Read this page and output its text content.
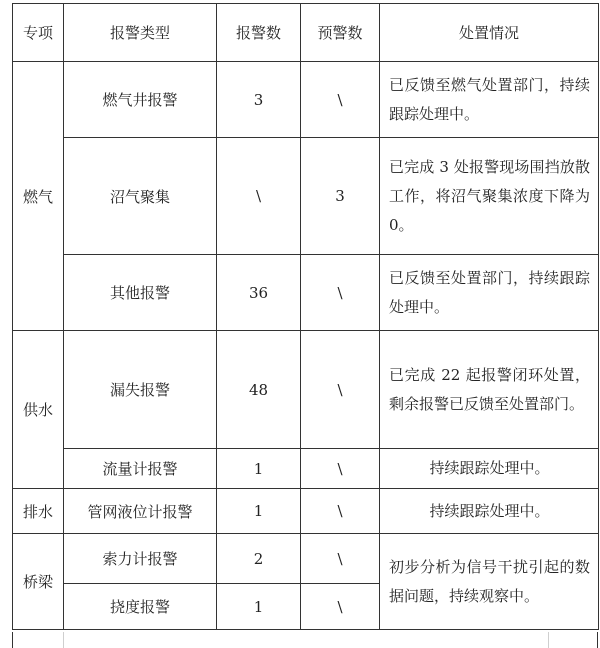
专项	报警类型	报警数	预警数	处置情况
燃气	燃气井报警	3	\	已反馈至燃气处置部门，持续跟踪处理中。
	沼气聚集	\	3	已完成 3 处报警现场围挡放散工作，将沼气聚集浓度下降为 0。
	其他报警	36	\	已反馈至处置部门，持续跟踪处理中。
供水	漏失报警	48	\	已完成 22 起报警闭环处置，剩余报警已反馈至处置部门。
	流量计报警	1	\	持续跟踪处理中。
排水	管网液位计报警	1	\	持续跟踪处理中。
桥梁	索力计报警	2	\	初步分析为信号干扰引起的数据问题，持续观察中。
	挠度报警	1	\	
